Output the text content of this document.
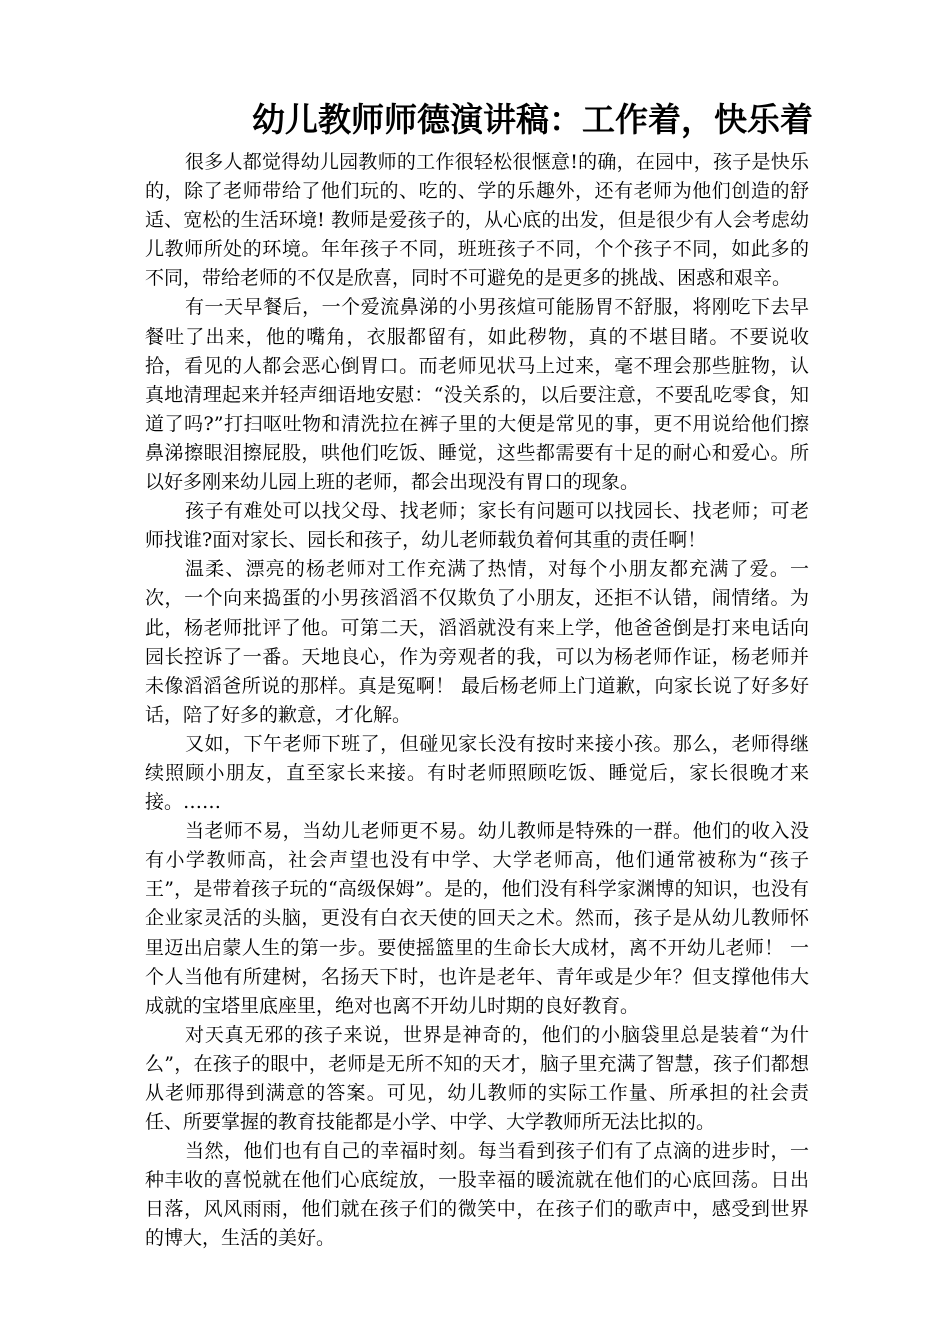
幼儿教师师德演讲稿：工作着，快乐着

很多人都觉得幼儿园教师的工作很轻松很惬意!的确，在园中，孩子是快乐的，除了老师带给了他们玩的、吃的、学的乐趣外，还有老师为他们创造的舒适、宽松的生活环境! 教师是爱孩子的，从心底的出发，但是很少有人会考虑幼儿教师所处的环境。年年孩子不同，班班孩子不同，个个孩子不同，如此多的不同，带给老师的不仅是欣喜，同时不可避免的是更多的挑战、困惑和艰辛。

有一天早餐后，一个爱流鼻涕的小男孩煊可能肠胃不舒服，将刚吃下去早餐吐了出来，他的嘴角，衣服都留有，如此秽物，真的不堪目睹。不要说收拾，看见的人都会恶心倒胃口。而老师见状马上过来，毫不理会那些脏物，认真地清理起来并轻声细语地安慰：“没关系的，以后要注意，不要乱吃零食，知道了吗?”打扫呕吐物和清洗拉在裤子里的大便是常见的事，更不用说给他们擦鼻涕擦眼泪擦屁股，哄他们吃饭、睡觉，这些都需要有十足的耐心和爱心。所以好多刚来幼儿园上班的老师，都会出现没有胃口的现象。

孩子有难处可以找父母、找老师；家长有问题可以找园长、找老师；可老师找谁?面对家长、园长和孩子，幼儿老师载负着何其重的责任啊！

温柔、漂亮的杨老师对工作充满了热情，对每个小朋友都充满了爱。一次，一个向来捣蛋的小男孩滔滔不仅欺负了小朋友，还拒不认错，闹情绪。为此，杨老师批评了他。可第二天，滔滔就没有来上学，他爸爸倒是打来电话向园长控诉了一番。天地良心，作为旁观者的我，可以为杨老师作证，杨老师并未像滔滔爸所说的那样。真是冤啊！ 最后杨老师上门道歉，向家长说了好多好话，陪了好多的歉意，才化解。

又如，下午老师下班了，但碰见家长没有按时来接小孩。那么，老师得继续照顾小朋友，直至家长来接。有时老师照顾吃饭、睡觉后，家长很晚才来接。……

当老师不易，当幼儿老师更不易。幼儿教师是特殊的一群。他们的收入没有小学教师高，社会声望也没有中学、大学老师高，他们通常被称为“孩子王”，是带着孩子玩的“高级保姆”。是的，他们没有科学家渊博的知识，也没有企业家灵活的头脑，更没有白衣天使的回天之术。然而，孩子是从幼儿教师怀里迈出启蒙人生的第一步。要使摇篮里的生命长大成材，离不开幼儿老师！ 一个人当他有所建树，名扬天下时，也许是老年、青年或是少年？但支撑他伟大成就的宝塔里底座里，绝对也离不开幼儿时期的良好教育。

对天真无邪的孩子来说，世界是神奇的，他们的小脑袋里总是装着“为什么”，在孩子的眼中，老师是无所不知的天才，脑子里充满了智慧，孩子们都想从老师那得到满意的答案。可见，幼儿教师的实际工作量、所承担的社会责任、所要掌握的教育技能都是小学、中学、大学教师所无法比拟的。

当然，他们也有自己的幸福时刻。每当看到孩子们有了点滴的进步时，一种丰收的喜悦就在他们心底绽放，一股幸福的暖流就在他们的心底回荡。日出日落，风风雨雨，他们就在孩子们的微笑中，在孩子们的歌声中，感受到世界的博大，生活的美好。
